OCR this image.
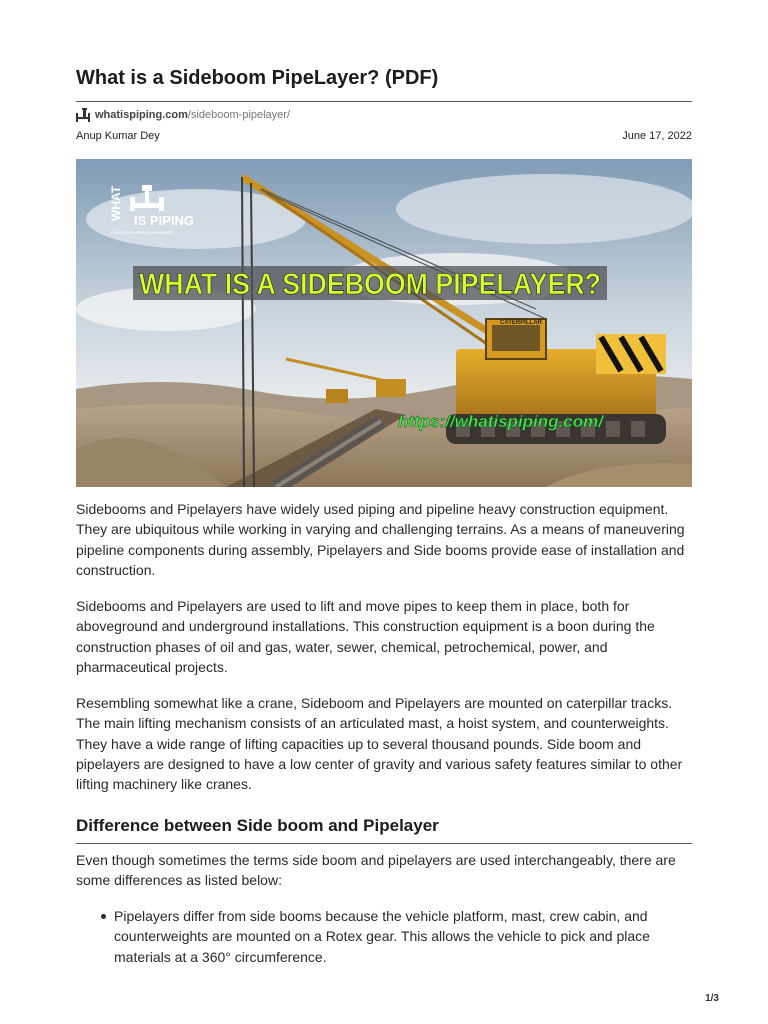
What is a Sideboom PipeLayer? (PDF)
whatispiping.com /sideboom-pipelayer/
Anup Kumar Dey	June 17, 2022
CATERPILLAR
WHAT IS PIPING
A BLOG FOR PIPING ENGINEERS
WHAT IS A SIDEBOOM PIPELAYER?
https://whatispiping.com/

Sidebooms and Pipelayers have widely used piping and pipeline heavy construction equipment. They are ubiquitous while working in varying and challenging terrains. As a means of maneuvering pipeline components during assembly, Pipelayers and Side booms provide ease of installation and construction.

Sidebooms and Pipelayers are used to lift and move pipes to keep them in place, both for aboveground and underground installations. This construction equipment is a boon during the construction phases of oil and gas, water, sewer, chemical, petrochemical, power, and pharmaceutical projects.

Resembling somewhat like a crane, Sideboom and Pipelayers are mounted on caterpillar tracks. The main lifting mechanism consists of an articulated mast, a hoist system, and counterweights. They have a wide range of lifting capacities up to several thousand pounds. Side boom and pipelayers are designed to have a low center of gravity and various safety features similar to other lifting machinery like cranes.

Difference between Side boom and Pipelayer

Even though sometimes the terms side boom and pipelayers are used interchangeably, there are some differences as listed below:

Pipelayers differ from side booms because the vehicle platform, mast, crew cabin, and counterweights are mounted on a Rotex gear. This allows the vehicle to pick and place materials at a 360° circumference.
1/3
